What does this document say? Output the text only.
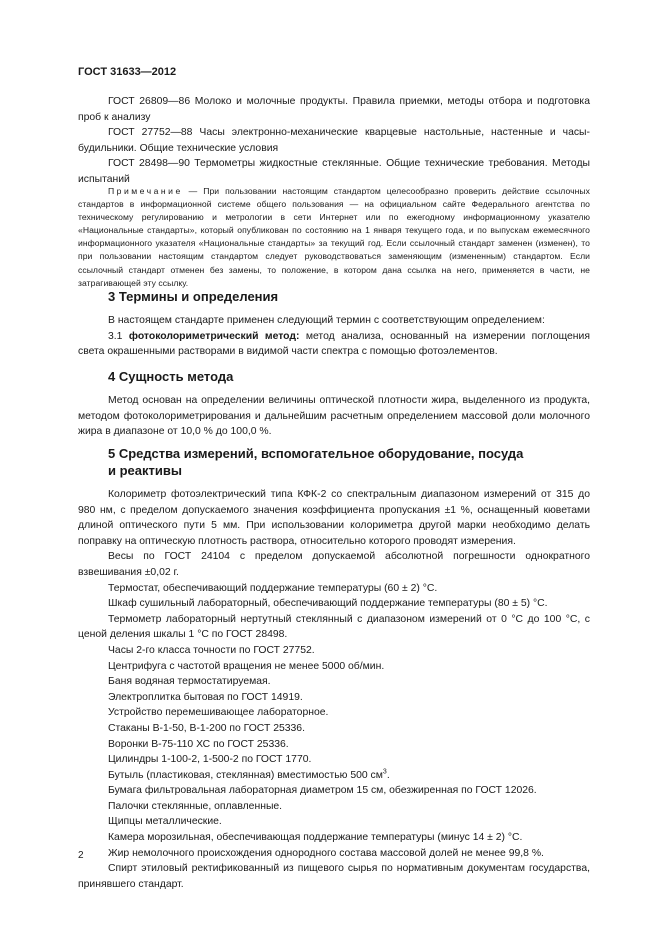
ГОСТ 31633—2012

ГОСТ 26809—86 Молоко и молочные продукты. Правила приемки, методы отбора и подготовка проб к анализу

ГОСТ 27752—88 Часы электронно-механические кварцевые настольные, настенные и часы-будильники. Общие технические условия

ГОСТ 28498—90 Термометры жидкостные стеклянные. Общие технические требования. Методы испытаний

Примечание — При пользовании настоящим стандартом целесообразно проверить действие ссылочных стандартов в информационной системе общего пользования — на официальном сайте Федерального агентства по техническому регулированию и метрологии в сети Интернет или по ежегодному информационному указателю «Национальные стандарты», который опубликован по состоянию на 1 января текущего года, и по выпускам ежемесячного информационного указателя «Национальные стандарты» за текущий год. Если ссылочный стандарт заменен (изменен), то при пользовании настоящим стандартом следует руководствоваться заменяющим (измененным) стандартом. Если ссылочный стандарт отменен без замены, то положение, в котором дана ссылка на него, применяется в части, не затрагивающей эту ссылку.

3 Термины и определения

В настоящем стандарте применен следующий термин с соответствующим определением:

3.1 фотоколориметрический метод: метод анализа, основанный на измерении поглощения света окрашенными растворами в видимой части спектра с помощью фотоэлементов.

4 Сущность метода

Метод основан на определении величины оптической плотности жира, выделенного из продукта, методом фотоколориметрирования и дальнейшим расчетным определением массовой доли молочного жира в диапазоне от 10,0 % до 100,0 %.

5 Средства измерений, вспомогательное оборудование, посуда
и реактивы

Колориметр фотоэлектрический типа КФК-2 со спектральным диапазоном измерений от 315 до 980 нм, с пределом допускаемого значения коэффициента пропускания ±1 %, оснащенный кюветами длиной оптического пути 5 мм. При использовании колориметра другой марки необходимо делать поправку на оптическую плотность раствора, относительно которого проводят измерения.

Весы по ГОСТ 24104 с пределом допускаемой абсолютной погрешности однократного взвешивания ±0,02 г.

Термостат, обеспечивающий поддержание температуры (60 ± 2) °С.

Шкаф сушильный лабораторный, обеспечивающий поддержание температуры (80 ± 5) °С.

Термометр лабораторный нертутный стеклянный с диапазоном измерений от 0 °С до 100 °С, с ценой деления шкалы 1 °С по ГОСТ 28498.

Часы 2-го класса точности по ГОСТ 27752.

Центрифуга с частотой вращения не менее 5000 об/мин.

Баня водяная термостатируемая.

Электроплитка бытовая по ГОСТ 14919.

Устройство перемешивающее лабораторное.

Стаканы В-1-50, В-1-200 по ГОСТ 25336.

Воронки В-75-110 ХС по ГОСТ 25336.

Цилиндры 1-100-2, 1-500-2 по ГОСТ 1770.

Бутыль (пластиковая, стеклянная) вместимостью 500 $см^3$.

Бумага фильтровальная лабораторная диаметром 15 см, обезжиренная по ГОСТ 12026.

Палочки стеклянные, оплавленные.

Щипцы металлические.

Камера морозильная, обеспечивающая поддержание температуры (минус 14 ± 2) °С.

Жир немолочного происхождения однородного состава массовой долей не менее 99,8 %.

Спирт этиловый ректификованный из пищевого сырья по нормативным документам государства, принявшего стандарт.

2
